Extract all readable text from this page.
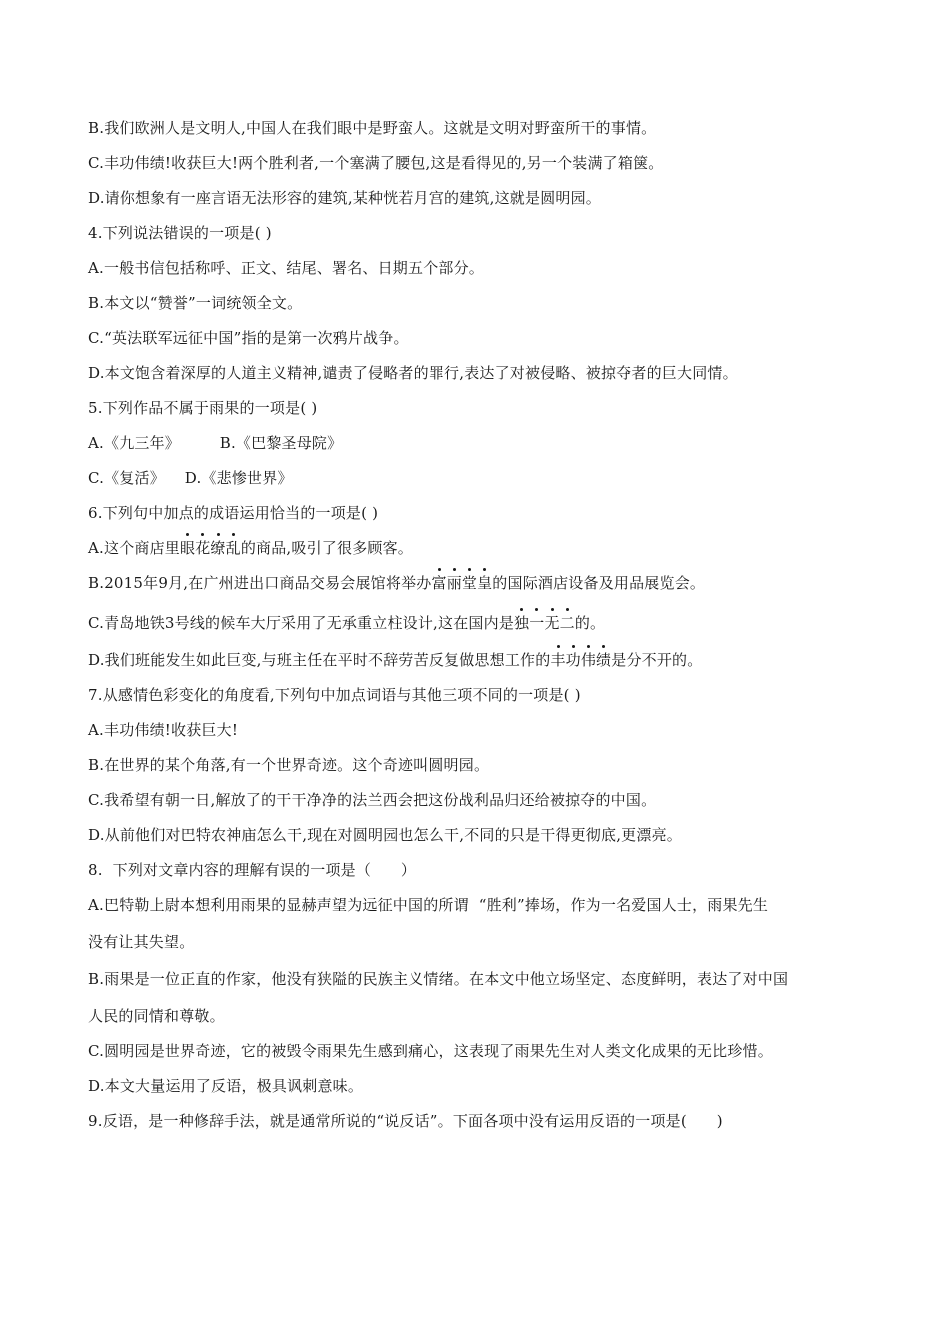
B.我们欧洲人是文明人,中国人在我们眼中是野蛮人。这就是文明对野蛮所干的事情。
C.丰功伟绩!收获巨大!两个胜利者,一个塞满了腰包,这是看得见的,另一个装满了箱箧。
D.请你想象有一座言语无法形容的建筑,某种恍若月宫的建筑,这就是圆明园。
4.下列说法错误的一项是( )
A.一般书信包括称呼、正文、结尾、署名、日期五个部分。
B.本文以“赞誉”一词统领全文。
C.“英法联军远征中国”指的是第一次鸦片战争。
D.本文饱含着深厚的人道主义精神,谴责了侵略者的罪行,表达了对被侵略、被掠夺者的巨大同情。
5.下列作品不属于雨果的一项是( )
A.《九三年》        B.《巴黎圣母院》
C.《复活》    D.《悲惨世界》
6.下列句中加点的成语运用恰当的一项是( )
A.这个商店里眼花缭乱的商品,吸引了很多顾客。
B.2015年9月,在广州进出口商品交易会展馆将举办富丽堂皇的国际酒店设备及用品展览会。
C.青岛地铁3号线的候车大厅采用了无承重立柱设计,这在国内是独一无二的。
D.我们班能发生如此巨变,与班主任在平时不辞劳苦反复做思想工作的丰功伟绩是分不开的。
7.从感情色彩变化的角度看,下列句中加点词语与其他三项不同的一项是( )
A.丰功伟绩!收获巨大!
B.在世界的某个角落,有一个世界奇迹。这个奇迹叫圆明园。
C.我希望有朝一日,解放了的干干净净的法兰西会把这份战利品归还给被掠夺的中国。
D.从前他们对巴特农神庙怎么干,现在对圆明园也怎么干,不同的只是干得更彻底,更漂亮。
8.  下列对文章内容的理解有误的一项是（      ）
A.巴特勒上尉本想利用雨果的显赫声望为远征中国的所谓  “胜利”捧场，作为一名爱国人士，雨果先生
没有让其失望。
B.雨果是一位正直的作家，他没有狭隘的民族主义情绪。在本文中他立场坚定、态度鲜明，表达了对中国
人民的同情和尊敬。
C.圆明园是世界奇迹，它的被毁令雨果先生感到痛心，这表现了雨果先生对人类文化成果的无比珍惜。
D.本文大量运用了反语，极具讽刺意味。
9.反语，是一种修辞手法，就是通常所说的“说反话”。下面各项中没有运用反语的一项是(      )
